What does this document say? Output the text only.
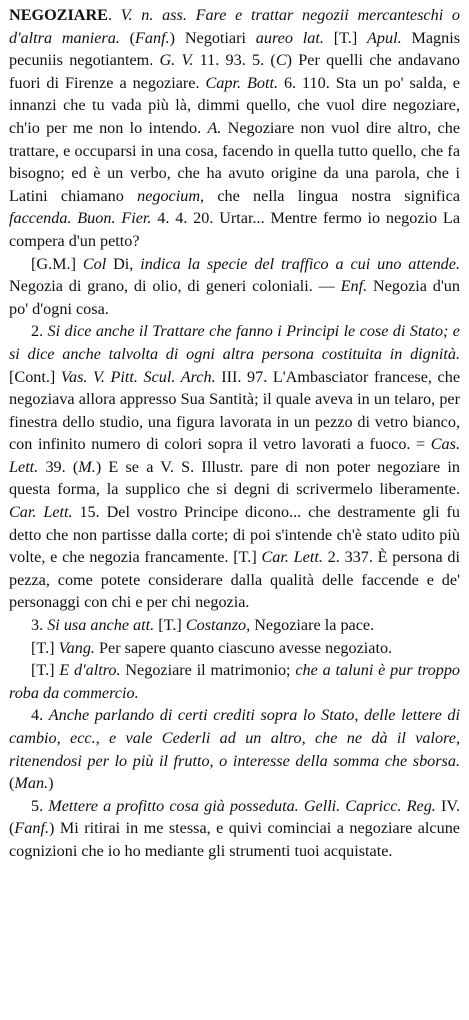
NEGOZIARE. V. n. ass. Fare e trattar negozii mercanteschi o d'altra maniera. (Fanf.) Negotiari aureo lat. [T.] Apul. Magnis pecuniis negotiantem. G. V. 11. 93. 5. (C) Per quelli che andavano fuori di Firenze a negoziare. Capr. Bott. 6. 110. Sta un po' salda, e innanzi che tu vada più là, dimmi quello, che vuol dire negoziare, ch'io per me non lo intendo. A. Negoziare non vuol dire altro, che trattare, e occuparsi in una cosa, facendo in quella tutto quello, che fa bisogno; ed è un verbo, che ha avuto origine da una parola, che i Latini chiamano negocium, che nella lingua nostra significa faccenda. Buon. Fier. 4. 4. 20. Urtar... Mentre fermo io negozio La compera d'un petto?
[G.M.] Col Di, indica la specie del traffico a cui uno attende. Negozia di grano, di olio, di generi coloniali. — Enf. Negozia d'un po' d'ogni cosa.
2. Si dice anche il Trattare che fanno i Principi le cose di Stato; e si dice anche talvolta di ogni altra persona costituita in dignità. [Cont.] Vas. V. Pitt. Scul. Arch. III. 97. L'Ambasciator francese, che negoziava allora appresso Sua Santità; il quale aveva in un telaro, per finestra dello studio, una figura lavorata in un pezzo di vetro bianco, con infinito numero di colori sopra il vetro lavorati a fuoco. = Cas. Lett. 39. (M.) E se a V. S. Illustr. pare di non poter negoziare in questa forma, la supplico che si degni di scrivermelo liberamente. Car. Lett. 15. Del vostro Principe dicono... che destramente gli fu detto che non partisse dalla corte; di poi s'intende ch'è stato udito più volte, e che negozia francamente. [T.] Car. Lett. 2. 337. È persona di pezza, come potete considerare dalla qualità delle faccende e de' personaggi con chi e per chi negozia.
3. Si usa anche att. [T.] Costanzo, Negoziare la pace.
[T.] Vang. Per sapere quanto ciascuno avesse negoziato.
[T.] E d'altro. Negoziare il matrimonio; che a taluni è pur troppo roba da commercio.
4. Anche parlando di certi crediti sopra lo Stato, delle lettere di cambio, ecc., e vale Cederli ad un altro, che ne dà il valore, ritenendosi per lo più il frutto, o interesse della somma che sborsa. (Man.)
5. Mettere a profitto cosa già posseduta. Gelli. Capricc. Reg. IV. (Fanf.) Mi ritirai in me stessa, e quivi cominciai a negoziare alcune cognizioni che io ho mediante gli strumenti tuoi acquistate.
